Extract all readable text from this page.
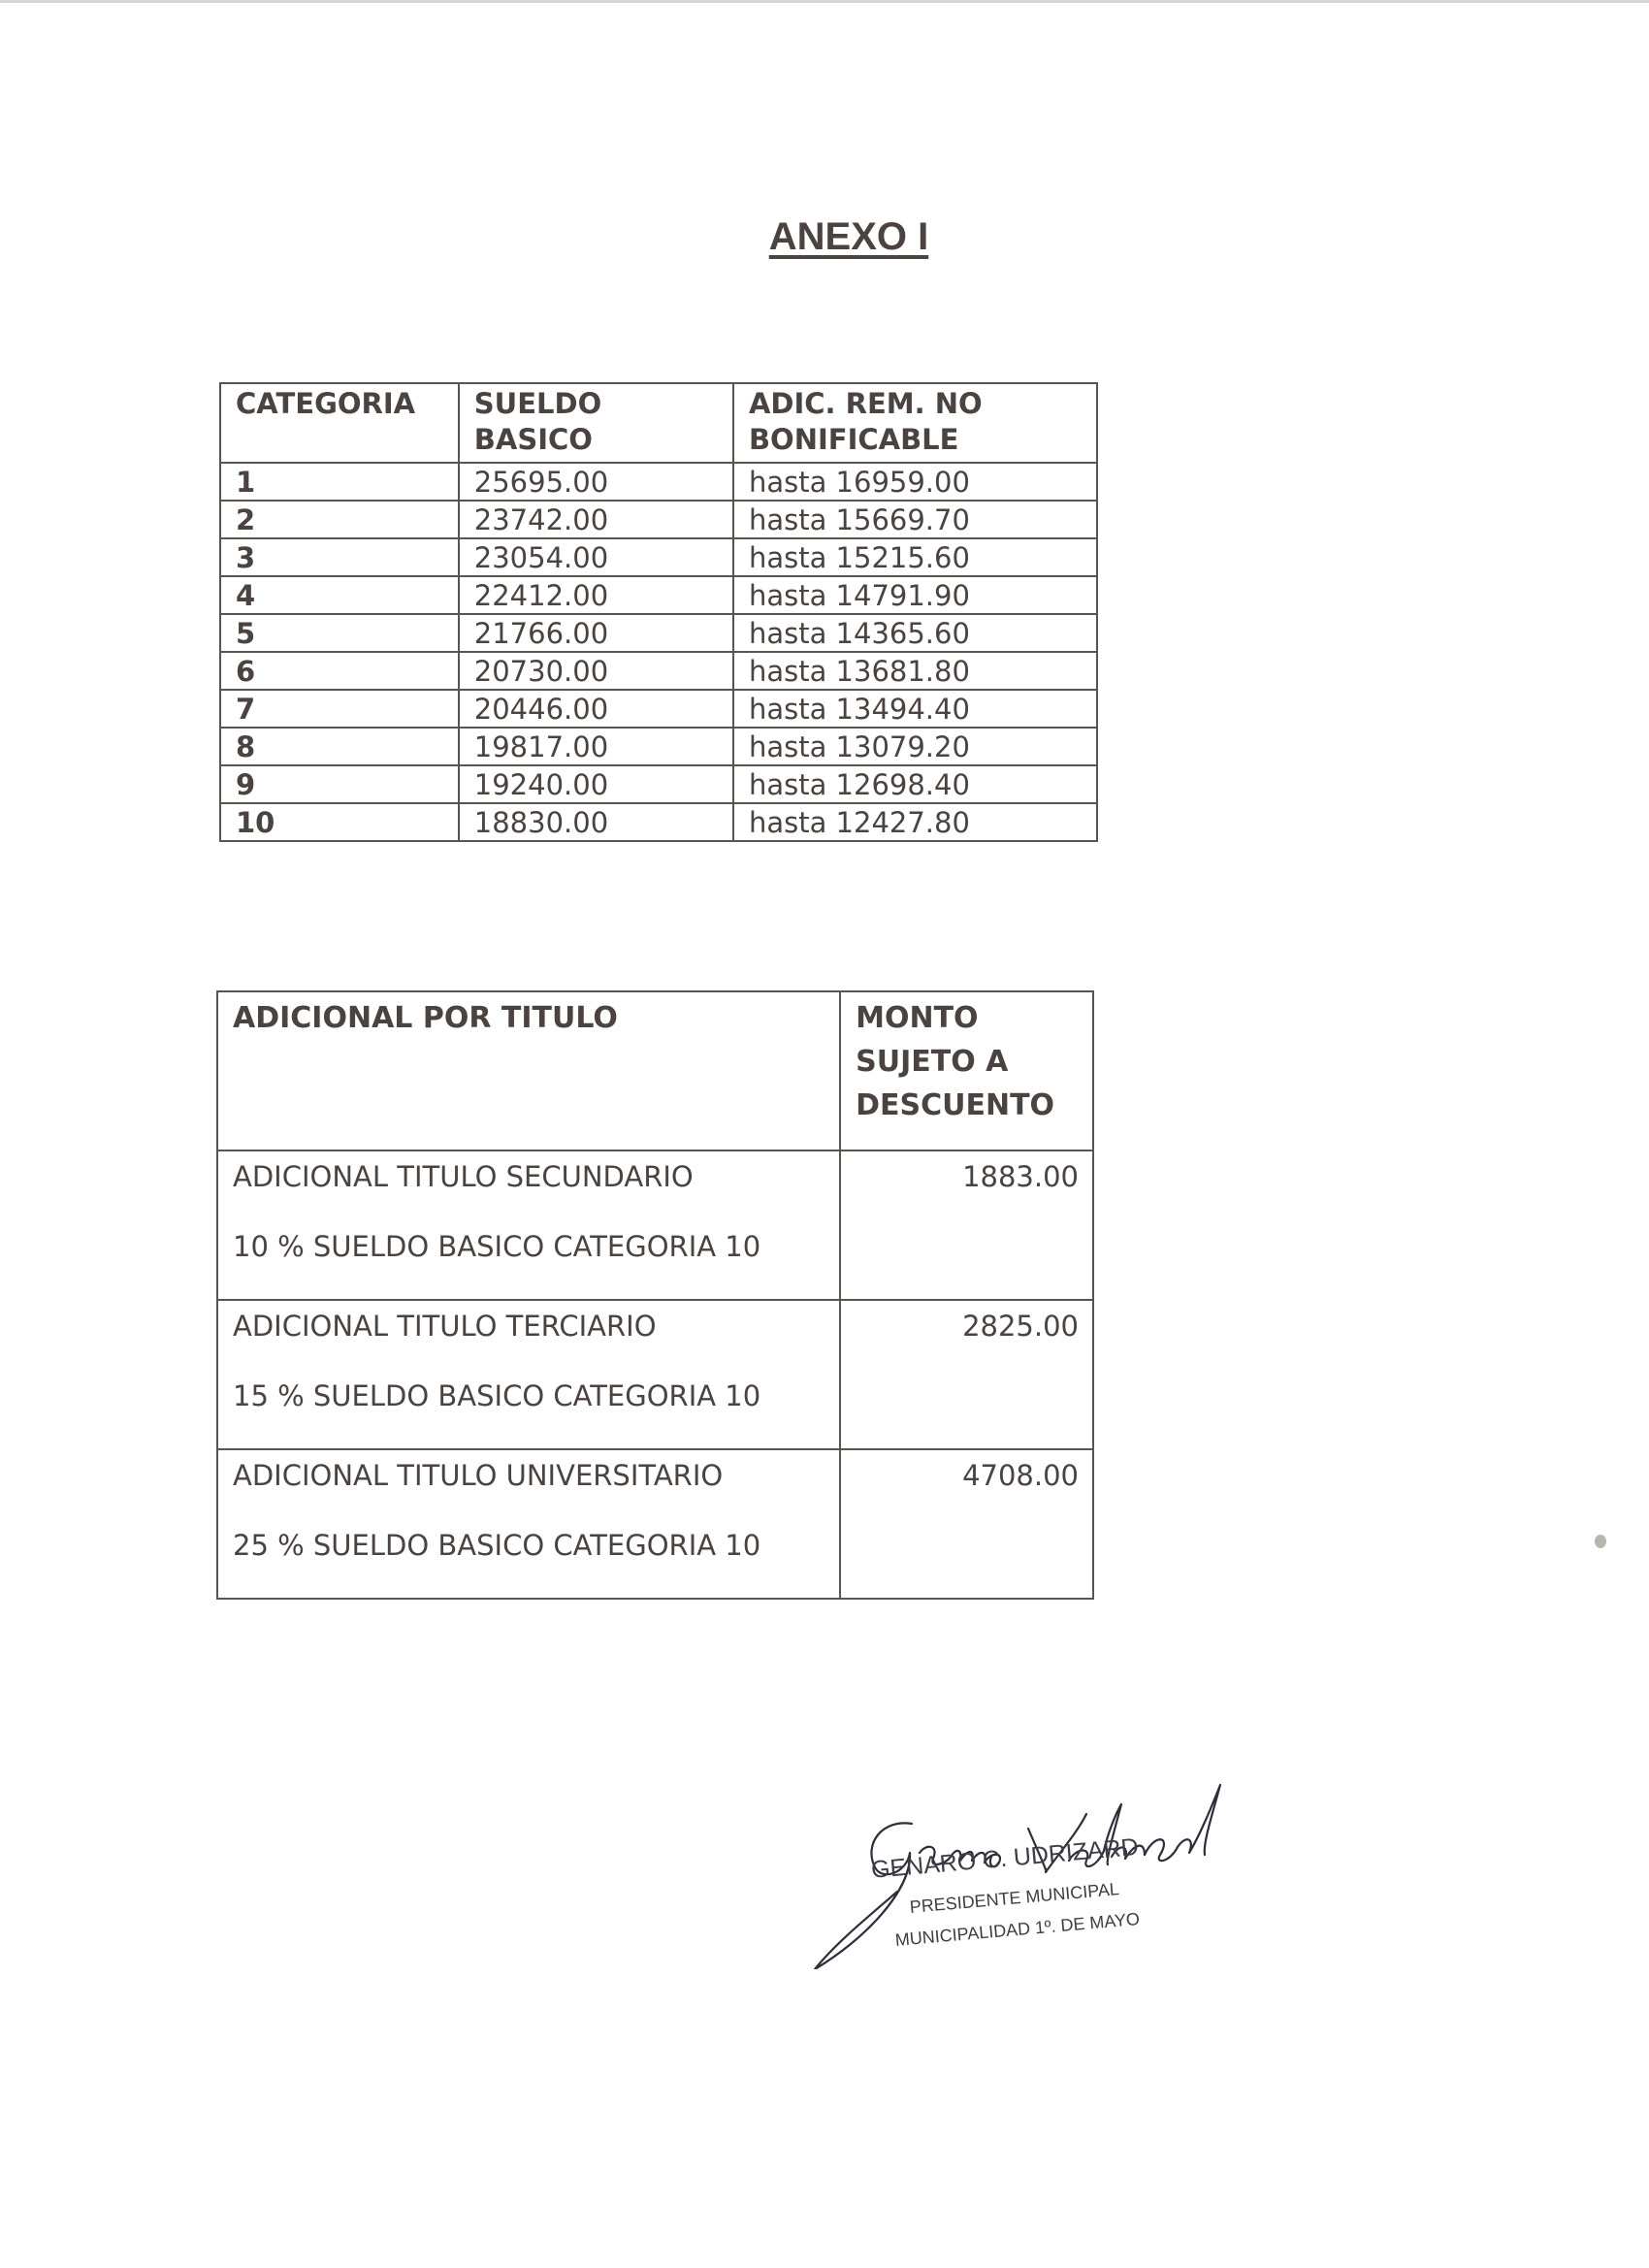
ANEXO I
CATEGORIA	SUELDO BASICO	ADIC. REM. NO BONIFICABLE
1	25695.00	hasta 16959.00
2	23742.00	hasta 15669.70
3	23054.00	hasta 15215.60
4	22412.00	hasta 14791.90
5	21766.00	hasta 14365.60
6	20730.00	hasta 13681.80
7	20446.00	hasta 13494.40
8	19817.00	hasta 13079.20
9	19240.00	hasta 12698.40
10	18830.00	hasta 12427.80
ADICIONAL POR TITULO	MONTO SUJETO A DESCUENTO

ADICIONAL TITULO SECUNDARIO
10 % SUELDO BASICO CATEGORIA 10	1883.00

ADICIONAL TITULO TERCIARIO
15 % SUELDO BASICO CATEGORIA 10	2825.00

ADICIONAL TITULO UNIVERSITARIO
25 % SUELDO BASICO CATEGORIA 10	4708.00
GENARO C. UDRIZARD
PRESIDENTE MUNICIPAL
MUNICIPALIDAD 1º. DE MAYO
